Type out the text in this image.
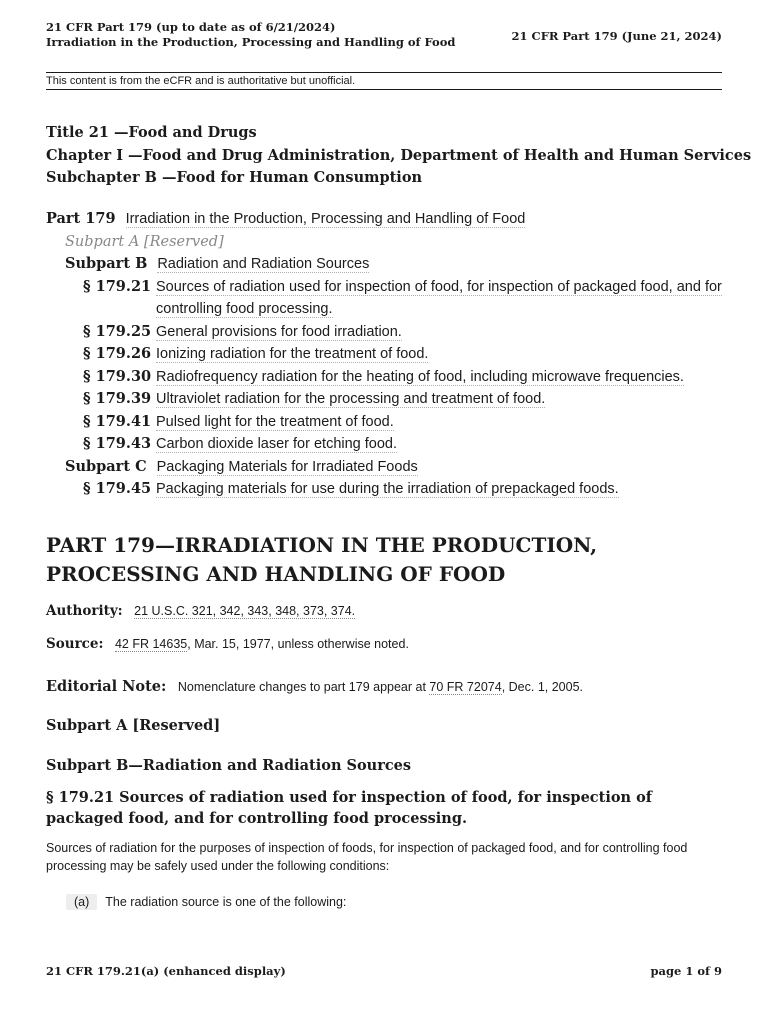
21 CFR Part 179 (up to date as of 6/21/2024)
Irradiation in the Production, Processing and Handling of Food	21 CFR Part 179 (June 21, 2024)
This content is from the eCFR and is authoritative but unofficial.
Title 21 —Food and Drugs
Chapter I —Food and Drug Administration, Department of Health and Human Services
Subchapter B —Food for Human Consumption
Part 179 Irradiation in the Production, Processing and Handling of Food
Subpart A [Reserved]
Subpart B Radiation and Radiation Sources
§ 179.21 Sources of radiation used for inspection of food, for inspection of packaged food, and for controlling food processing.
§ 179.25 General provisions for food irradiation.
§ 179.26 Ionizing radiation for the treatment of food.
§ 179.30 Radiofrequency radiation for the heating of food, including microwave frequencies.
§ 179.39 Ultraviolet radiation for the processing and treatment of food.
§ 179.41 Pulsed light for the treatment of food.
§ 179.43 Carbon dioxide laser for etching food.
Subpart C Packaging Materials for Irradiated Foods
§ 179.45 Packaging materials for use during the irradiation of prepackaged foods.
PART 179—IRRADIATION IN THE PRODUCTION, PROCESSING AND HANDLING OF FOOD
Authority: 21 U.S.C. 321, 342, 343, 348, 373, 374.
Source: 42 FR 14635, Mar. 15, 1977, unless otherwise noted.
Editorial Note: Nomenclature changes to part 179 appear at 70 FR 72074, Dec. 1, 2005.
Subpart A [Reserved]
Subpart B—Radiation and Radiation Sources
§ 179.21 Sources of radiation used for inspection of food, for inspection of packaged food, and for controlling food processing.
Sources of radiation for the purposes of inspection of foods, for inspection of packaged food, and for controlling food processing may be safely used under the following conditions:
(a)	The radiation source is one of the following:
21 CFR 179.21(a) (enhanced display)	page 1 of 9
